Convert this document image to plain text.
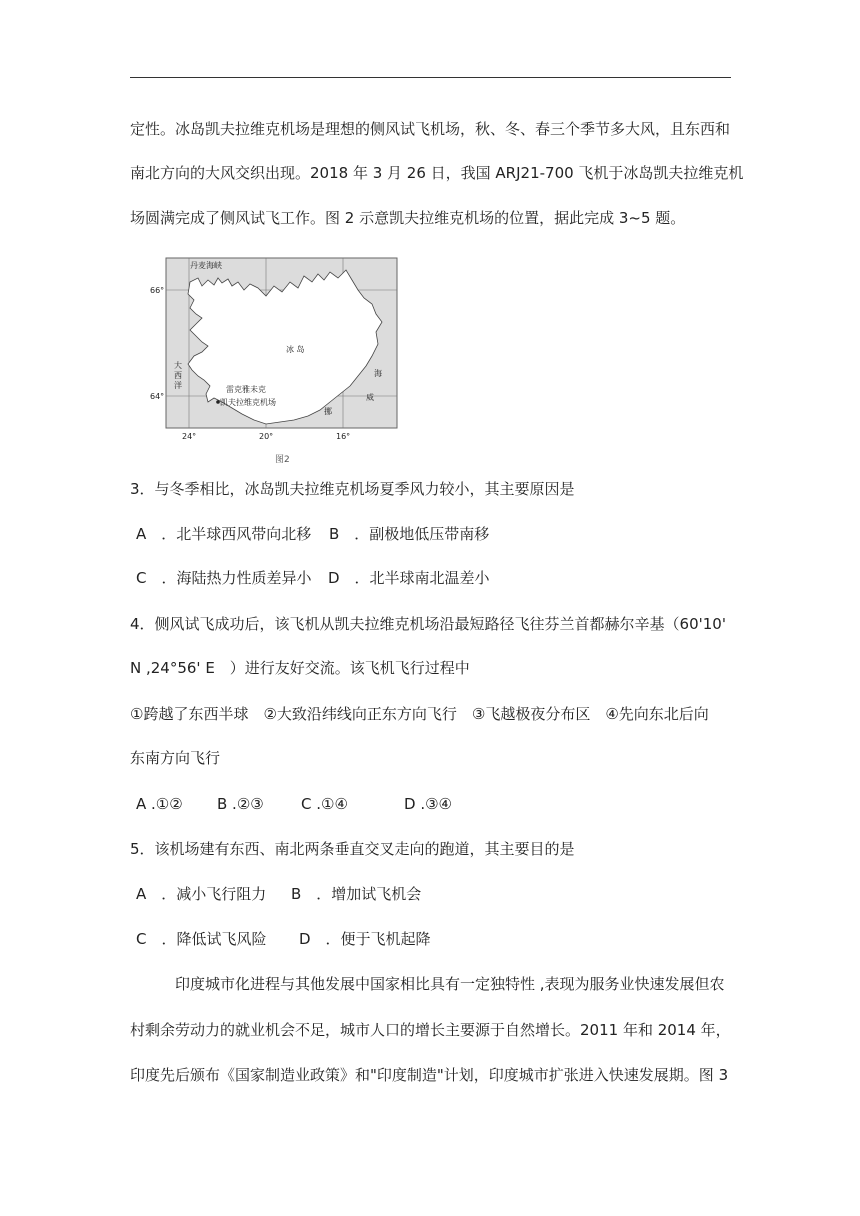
定性。冰岛凯夫拉维克机场是理想的侧风试飞机场，秋、冬、春三个季节多大风，且东西和
南北方向的大风交织出现。2018 年 3 月 26 日，我国 ARJ21-700 飞机于冰岛凯夫拉维克机
场圆满完成了侧风试飞工作。图 2 示意凯夫拉维克机场的位置，据此完成 3~5 题。
丹麦海峡
冰 岛
大
西
洋	雷克雅未克
凯夫拉维克机场
挪
威
海
66°
64°
24°	20°	16°
图2
3．与冬季相比，冰岛凯夫拉维克机场夏季风力较小，其主要原因是
A　．北半球西风带向北移 B　．副极地低压带南移
C　．海陆热力性质差异小 D　．北半球南北温差小
4．侧风试飞成功后，该飞机从凯夫拉维克机场沿最短路径飞往芬兰首都赫尔辛基（60'10'
N ,24°56' E　）进行友好交流。该飞机飞行过程中
①跨越了东西半球　②大致沿纬线向正东方向飞行　③飞越极夜分布区　④先向东北后向
东南方向飞行
A .①② B .②③ C .①④	D .③④
5．该机场建有东西、南北两条垂直交叉走向的跑道，其主要目的是
A　．减小飞行阻力 B　．增加试飞机会
C　．降低试飞风险 D　．便于飞机起降
印度城市化进程与其他发展中国家相比具有一定独特性 ,表现为服务业快速发展但农
村剩余劳动力的就业机会不足，城市人口的增长主要源于自然增长。2011 年和 2014 年，
印度先后颁布《国家制造业政策》和"印度制造"计划，印度城市扩张进入快速发展期。图 3
